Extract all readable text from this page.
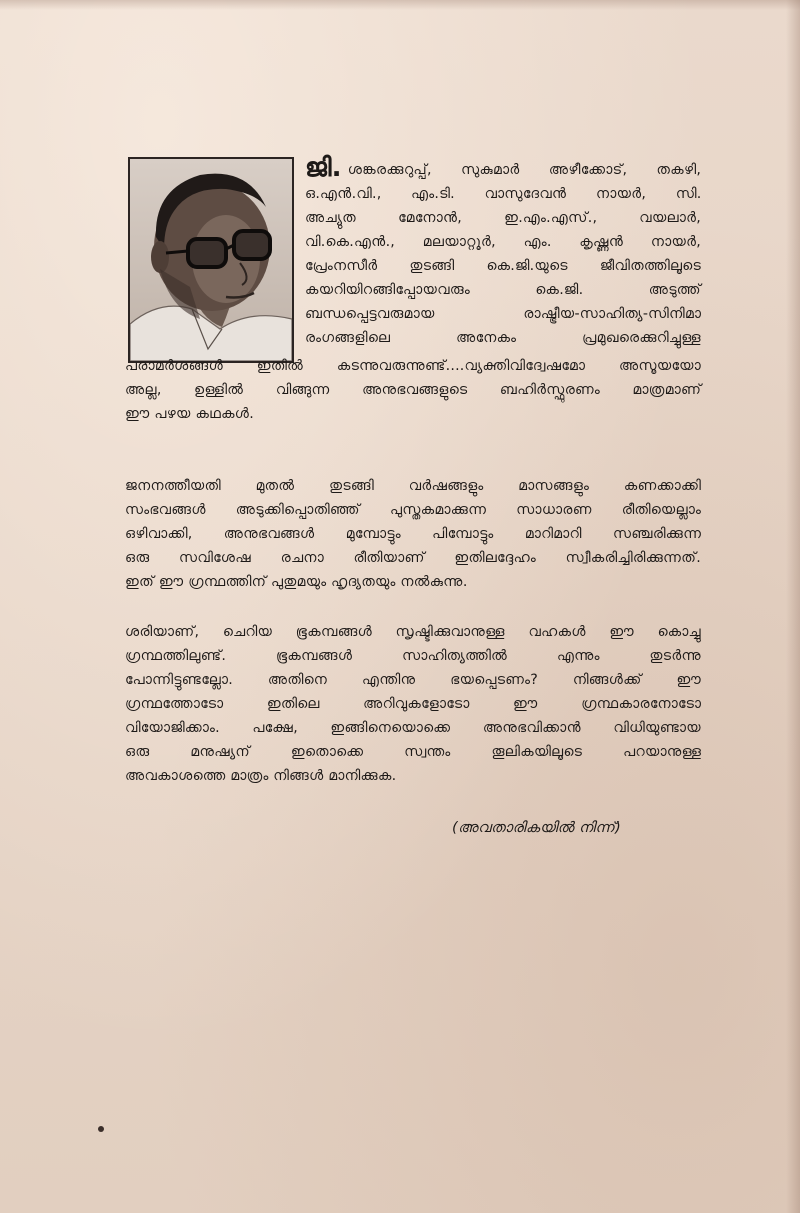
ജി. ശങ്കരക്കുറുപ്പ്, സുകുമാർ അഴീക്കോട്, തകഴി,
ഒ.എൻ.വി., എം.ടി. വാസുദേവൻ നായർ, സി.
അച്യുത മേനോൻ, ഇ.എം.എസ്., വയലാർ,
വി.കെ.എൻ., മലയാറ്റൂർ, എം. കൃഷ്ണൻ നായർ,
പ്രേംനസീർ തുടങ്ങി കെ.ജി.യുടെ ജീവിതത്തിലൂടെ
കയറിയിറങ്ങിപ്പോയവരും കെ.ജി. അടുത്ത്
ബന്ധപ്പെട്ടവരുമായ രാഷ്ട്രീയ-സാഹിത്യ-സിനിമാ
രംഗങ്ങളിലെ അനേകം പ്രമുഖരെക്കുറിച്ചുള്ള
പരാമർശങ്ങൾ ഇതിൽ കടന്നുവരുന്നുണ്ട്....വ്യക്തിവിദ്വേഷമോ അസൂയയോ
അല്ല, ഉള്ളിൽ വിങ്ങുന്ന അനുഭവങ്ങളുടെ ബഹിർസ്ഫുരണം മാത്രമാണ്
ഈ പഴയ കഥകൾ.
ജനനത്തീയതി മുതൽ തുടങ്ങി വർഷങ്ങളും മാസങ്ങളും കണക്കാക്കി
സംഭവങ്ങൾ അടുക്കിപ്പൊതിഞ്ഞ് പുസ്തകമാക്കുന്ന സാധാരണ രീതിയെല്ലാം
ഒഴിവാക്കി, അനുഭവങ്ങൾ മുമ്പോട്ടും പിമ്പോട്ടും മാറിമാറി സഞ്ചരിക്കുന്ന
ഒരു സവിശേഷ രചനാ രീതിയാണ് ഇതിലദ്ദേഹം സ്വീകരിച്ചിരിക്കുന്നത്.
ഇത് ഈ ഗ്രന്ഥത്തിന് പുതുമയും ഹൃദ്യതയും നൽകുന്നു.
ശരിയാണ്, ചെറിയ ഭൂകമ്പങ്ങൾ സൃഷ്ടിക്കുവാനുള്ള വഹകൾ ഈ കൊച്ചു
ഗ്രന്ഥത്തിലുണ്ട്. ഭൂകമ്പങ്ങൾ സാഹിത്യത്തിൽ എന്നും തുടർന്നു
പോന്നിട്ടുണ്ടല്ലോ. അതിനെ എന്തിനു ഭയപ്പെടണം? നിങ്ങൾക്ക് ഈ
ഗ്രന്ഥത്തോടോ ഇതിലെ അറിവുകളോടോ ഈ ഗ്രന്ഥകാരനോടോ
വിയോജിക്കാം. പക്ഷേ, ഇങ്ങിനെയൊക്കെ അനുഭവിക്കാൻ വിധിയുണ്ടായ
ഒരു മനുഷ്യന് ഇതൊക്കെ സ്വന്തം തൂലികയിലൂടെ പറയാനുള്ള
അവകാശത്തെ മാത്രം നിങ്ങൾ മാനിക്കുക.
(അവതാരികയിൽ നിന്ന്)
